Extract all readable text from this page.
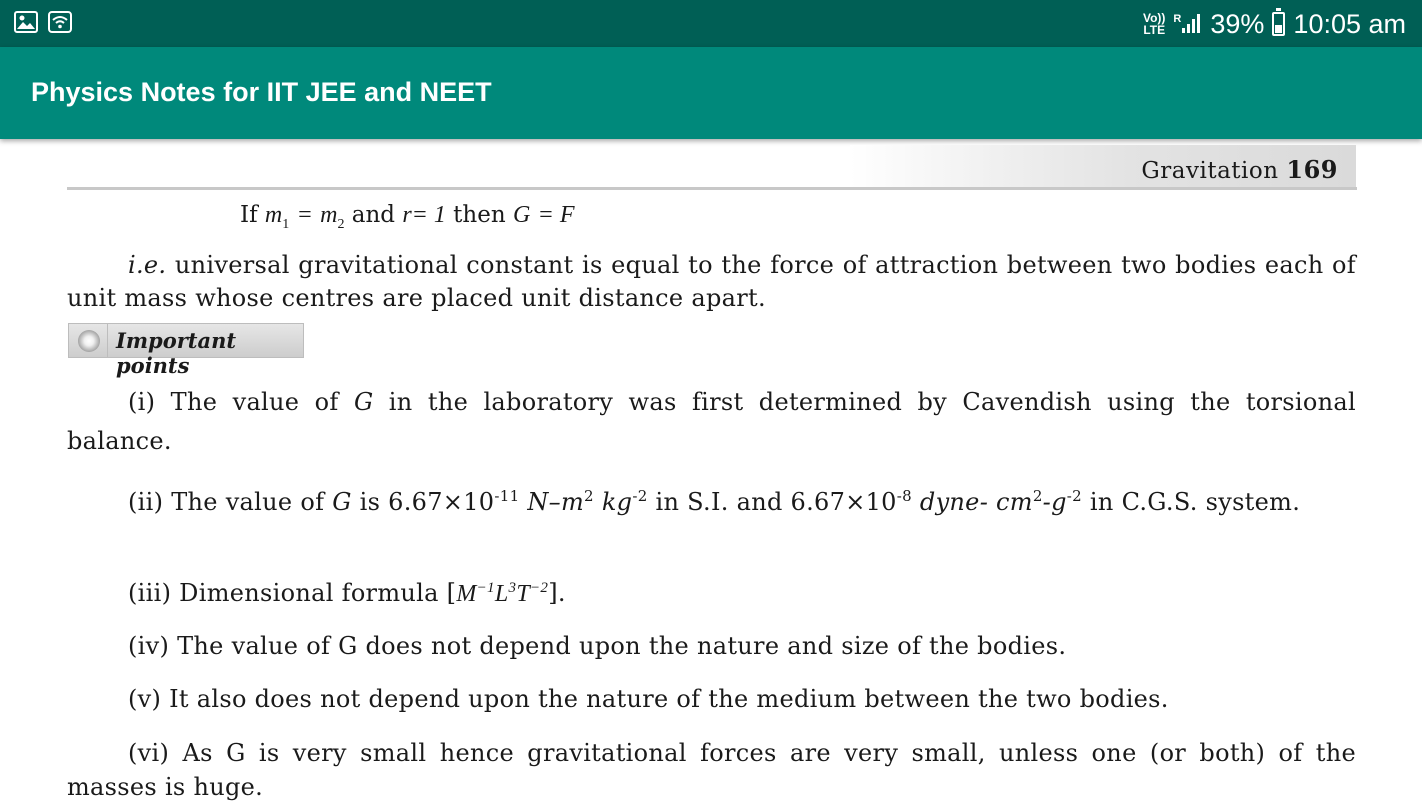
Vo))
LTE
R 39% 10:05 am
Physics Notes for IIT JEE and NEET
Gravitation 169
If $m_1 = m_2$ and r= 1 then G = F
i.e. universal gravitational constant is equal to the force of attraction between two bodies each of unit mass whose centres are placed unit distance apart.
Important points
(i) The value of G in the laboratory was first determined by Cavendish using the torsional balance.
(ii) The value of G is $6.67\times 10^{-11}$ $N-m^2$ $kg^{-2}$ in S.I. and $6.67\times 10^{-8}$ dyne- $cm^2-g^{-2}$ in C.G.S. system.
(iii) Dimensional formula $[M^{-1}L^3T^{-2}]$.
(iv) The value of G does not depend upon the nature and size of the bodies.
(v) It also does not depend upon the nature of the medium between the two bodies.
(vi) As G is very small hence gravitational forces are very small, unless one (or both) of the masses is huge.
